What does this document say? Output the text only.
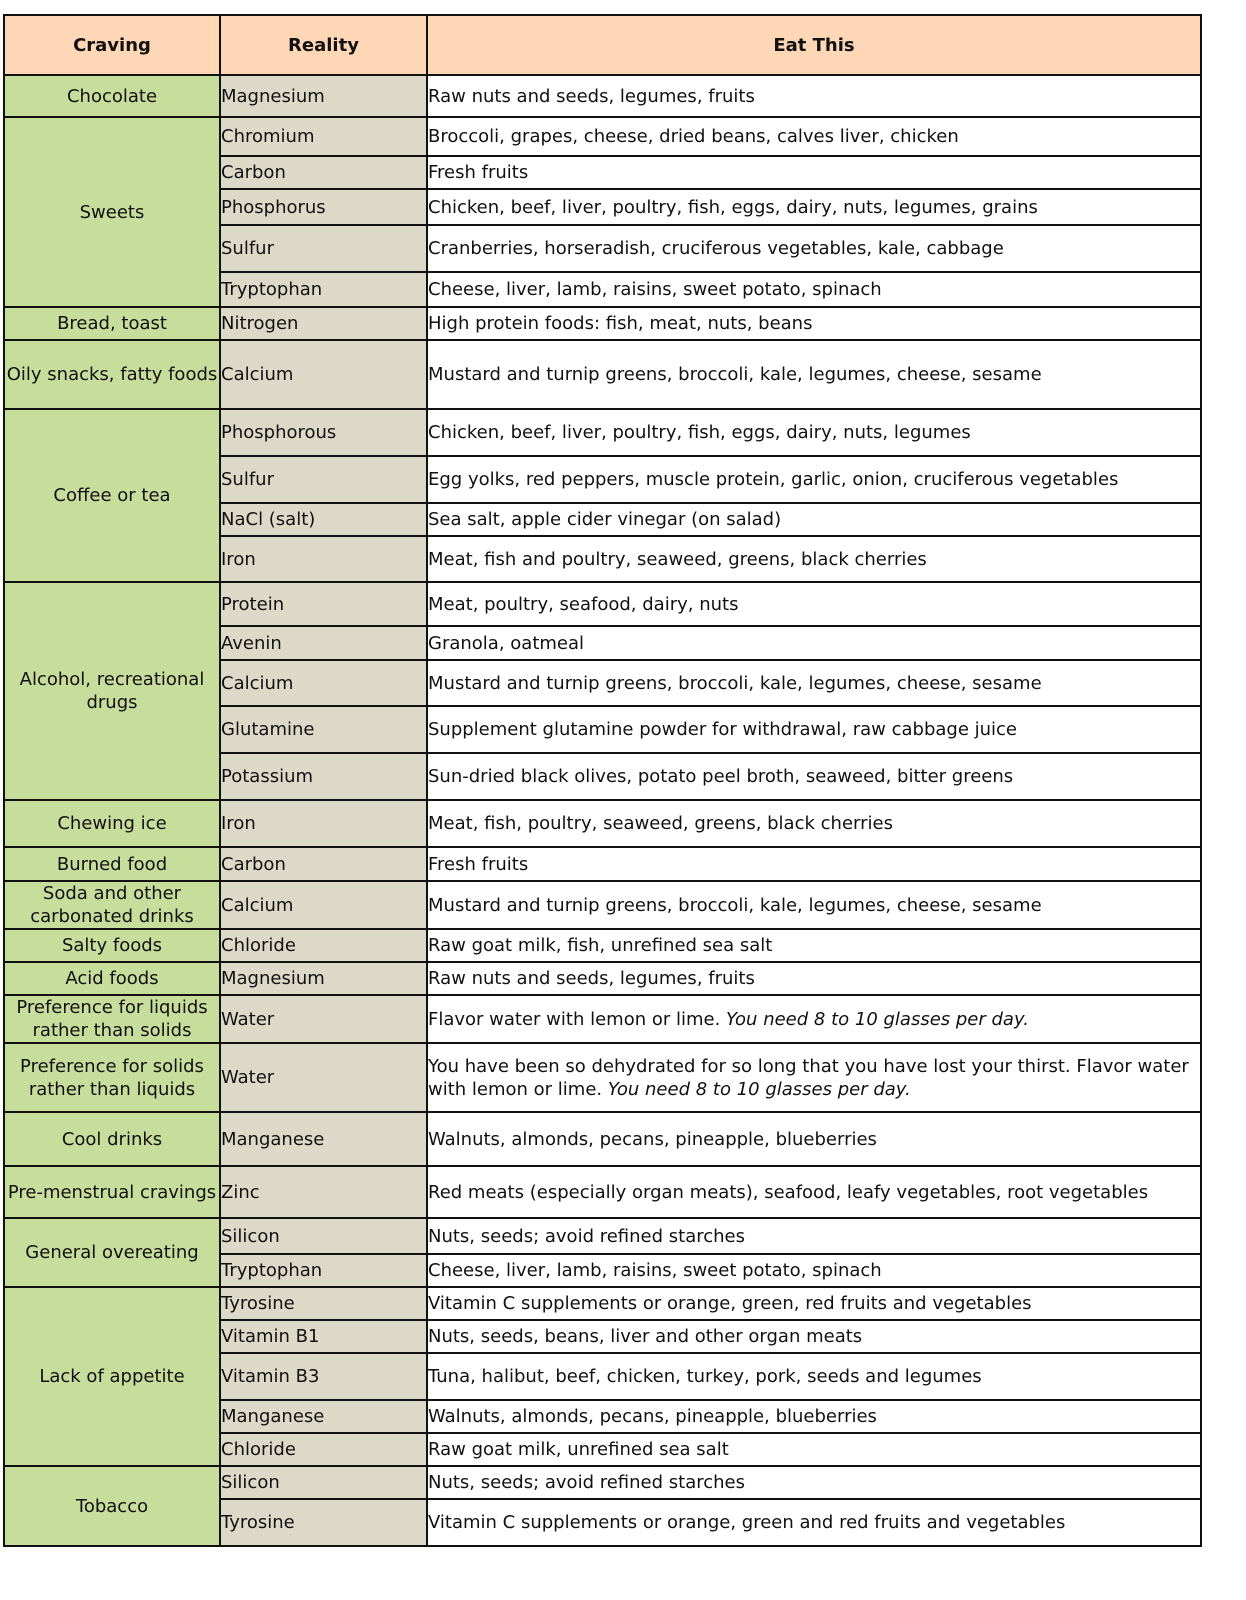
Craving	Reality	Eat This
Chocolate	Magnesium	Raw nuts and seeds, legumes, fruits
Sweets	Chromium	Broccoli, grapes, cheese, dried beans, calves liver, chicken
	Carbon	Fresh fruits
	Phosphorus	Chicken, beef, liver, poultry, fish, eggs, dairy, nuts, legumes, grains
	Sulfur	Cranberries, horseradish, cruciferous vegetables, kale, cabbage
	Tryptophan	Cheese, liver, lamb, raisins, sweet potato, spinach
Bread, toast	Nitrogen	High protein foods: fish, meat, nuts, beans
Oily snacks, fatty foods	Calcium	Mustard and turnip greens, broccoli, kale, legumes, cheese, sesame
Coffee or tea	Phosphorous	Chicken, beef, liver, poultry, fish, eggs, dairy, nuts, legumes
	Sulfur	Egg yolks, red peppers, muscle protein, garlic, onion, cruciferous vegetables
	NaCl (salt)	Sea salt, apple cider vinegar (on salad)
	Iron	Meat, fish and poultry, seaweed, greens, black cherries
Alcohol, recreational drugs	Protein	Meat, poultry, seafood, dairy, nuts
	Avenin	Granola, oatmeal
	Calcium	Mustard and turnip greens, broccoli, kale, legumes, cheese, sesame
	Glutamine	Supplement glutamine powder for withdrawal, raw cabbage juice
	Potassium	Sun-dried black olives, potato peel broth, seaweed, bitter greens
Chewing ice	Iron	Meat, fish, poultry, seaweed, greens, black cherries
Burned food	Carbon	Fresh fruits
Soda and other carbonated drinks	Calcium	Mustard and turnip greens, broccoli, kale, legumes, cheese, sesame
Salty foods	Chloride	Raw goat milk, fish, unrefined sea salt
Acid foods	Magnesium	Raw nuts and seeds, legumes, fruits
Preference for liquids rather than solids	Water	Flavor water with lemon or lime. You need 8 to 10 glasses per day.
Preference for solids rather than liquids	Water	You have been so dehydrated for so long that you have lost your thirst. Flavor water with lemon or lime. You need 8 to 10 glasses per day.
Cool drinks	Manganese	Walnuts, almonds, pecans, pineapple, blueberries
Pre-menstrual cravings	Zinc	Red meats (especially organ meats), seafood, leafy vegetables, root vegetables
General overeating	Silicon	Nuts, seeds; avoid refined starches
	Tryptophan	Cheese, liver, lamb, raisins, sweet potato, spinach
Lack of appetite	Tyrosine	Vitamin C supplements or orange, green, red fruits and vegetables
	Vitamin B1	Nuts, seeds, beans, liver and other organ meats
	Vitamin B3	Tuna, halibut, beef, chicken, turkey, pork, seeds and legumes
	Manganese	Walnuts, almonds, pecans, pineapple, blueberries
	Chloride	Raw goat milk, unrefined sea salt
Tobacco	Silicon	Nuts, seeds; avoid refined starches
	Tyrosine	Vitamin C supplements or orange, green and red fruits and vegetables
